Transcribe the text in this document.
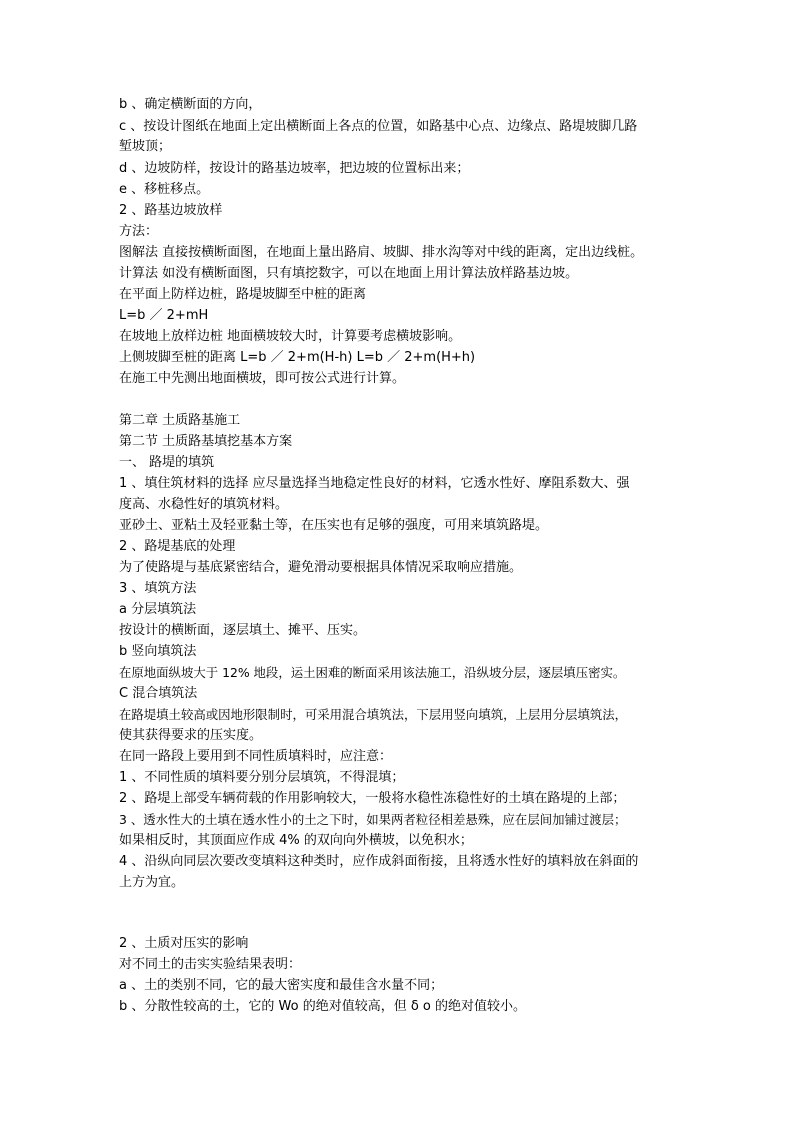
b 、确定横断面的方向，
c 、按设计图纸在地面上定出横断面上各点的位置，如路基中心点、边缘点、路堤坡脚几路
堑坡顶；
d 、边坡防样，按设计的路基边坡率，把边坡的位置标出来；
e 、移桩移点。
2 、路基边坡放样
方法：
图解法 直接按横断面图，在地面上量出路肩、坡脚、排水沟等对中线的距离，定出边线桩。
计算法 如没有横断面图，只有填挖数字，可以在地面上用计算法放样路基边坡。
在平面上防样边桩，路堤坡脚至中桩的距离
L=b ／ 2+mH
在坡地上放样边桩 地面横坡较大时，计算要考虑横坡影响。
上侧坡脚至桩的距离 L=b ／ 2+m(H-h) L=b ／ 2+m(H+h)
在施工中先测出地面横坡，即可按公式进行计算。
第二章 土质路基施工
第二节 土质路基填挖基本方案
一、 路堤的填筑
1 、填住筑材料的选择 应尽量选择当地稳定性良好的材料，它透水性好、摩阻系数大、强
度高、水稳性好的填筑材料。
亚砂土、亚粘土及轻亚黏土等，在压实也有足够的强度，可用来填筑路堤。
2 、路堤基底的处理
为了使路堤与基底紧密结合，避免滑动要根据具体情况采取响应措施。
3 、填筑方法
a 分层填筑法
按设计的横断面，逐层填土、摊平、压实。
b 竖向填筑法
在原地面纵坡大于 12% 地段，运土困难的断面采用该法施工，沿纵坡分层，逐层填压密实。
C 混合填筑法
在路堤填土较高或因地形限制时，可采用混合填筑法，下层用竖向填筑，上层用分层填筑法，
使其获得要求的压实度。
在同一路段上要用到不同性质填料时，应注意：
1 、不同性质的填料要分别分层填筑，不得混填；
2 、路堤上部受车辆荷载的作用影响较大，一般将水稳性冻稳性好的土填在路堤的上部；
3 、透水性大的土填在透水性小的土之下时，如果两者粒径相差悬殊，应在层间加铺过渡层；
如果相反时，其顶面应作成 4% 的双向向外横坡，以免积水；
4 、沿纵向同层次要改变填料这种类时，应作成斜面衔接，且将透水性好的填料放在斜面的
上方为宜。
2 、土质对压实的影响
对不同土的击实实验结果表明：
a 、土的类别不同，它的最大密实度和最佳含水量不同；
b 、分散性较高的土，它的 Wo 的绝对值较高，但 δ o 的绝对值较小。
